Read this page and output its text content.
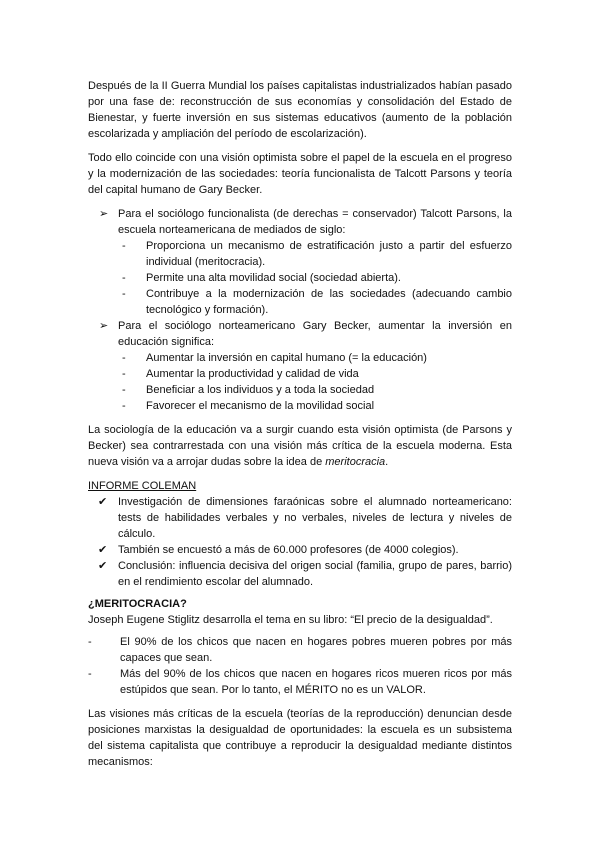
Después de la II Guerra Mundial los países capitalistas industrializados habían pasado por una fase de: reconstrucción de sus economías y consolidación del Estado de Bienestar, y fuerte inversión en sus sistemas educativos (aumento de la población escolarizada y ampliación del período de escolarización).

Todo ello coincide con una visión optimista sobre el papel de la escuela en el progreso y la modernización de las sociedades: teoría funcionalista de Talcott Parsons y teoría del capital humano de Gary Becker.

➢ Para el sociólogo funcionalista (de derechas = conservador) Talcott Parsons, la escuela norteamericana de mediados de siglo:
- Proporciona un mecanismo de estratificación justo a partir del esfuerzo individual (meritocracia).
- Permite una alta movilidad social (sociedad abierta).
- Contribuye a la modernización de las sociedades (adecuando cambio tecnológico y formación).
➢ Para el sociólogo norteamericano Gary Becker, aumentar la inversión en educación significa:
- Aumentar la inversión en capital humano (= la educación)
- Aumentar la productividad y calidad de vida
- Beneficiar a los individuos y a toda la sociedad
- Favorecer el mecanismo de la movilidad social

La sociología de la educación va a surgir cuando esta visión optimista (de Parsons y Becker) sea contrarrestada con una visión más crítica de la escuela moderna. Esta nueva visión va a arrojar dudas sobre la idea de meritocracia.

INFORME COLEMAN
✔ Investigación de dimensiones faraónicas sobre el alumnado norteamericano: tests de habilidades verbales y no verbales, niveles de lectura y niveles de cálculo.
✔ También se encuestó a más de 60.000 profesores (de 4000 colegios).
✔ Conclusión: influencia decisiva del origen social (familia, grupo de pares, barrio) en el rendimiento escolar del alumnado.
¿MERITOCRACIA?

Joseph Eugene Stiglitz desarrolla el tema en su libro: “El precio de la desigualdad”.

-	El 90% de los chicos que nacen en hogares pobres mueren pobres por más capaces que sean.
-	Más del 90% de los chicos que nacen en hogares ricos mueren ricos por más estúpidos que sean. Por lo tanto, el MÉRITO no es un VALOR.

Las visiones más críticas de la escuela (teorías de la reproducción) denuncian desde posiciones marxistas la desigualdad de oportunidades: la escuela es un subsistema del sistema capitalista que contribuye a reproducir la desigualdad mediante distintos mecanismos:
